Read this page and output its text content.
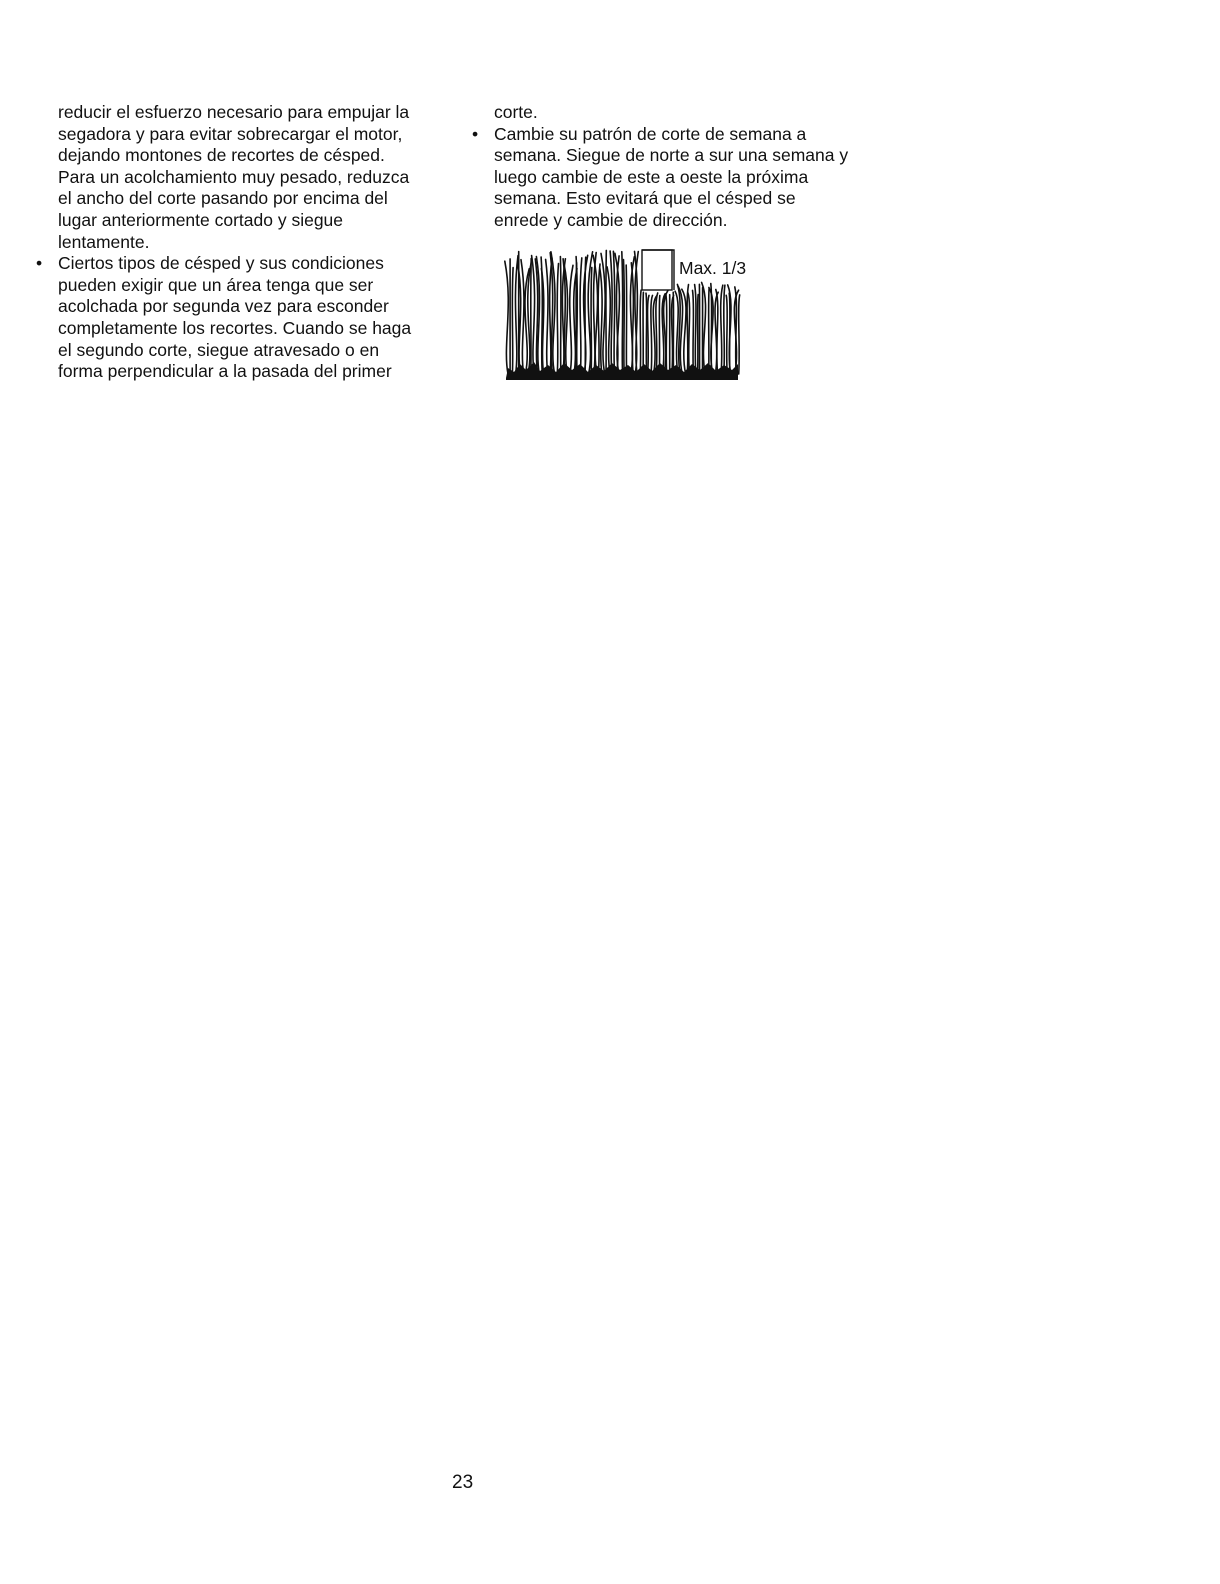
reducir el esfuerzo necesario para empujar la
segadora y para evitar sobrecargar el motor,
dejando montones de recortes de césped.
Para un acolchamiento muy pesado, reduzca
el ancho del corte pasando por encima del
lugar anteriormente cortado y siegue
lentamente.
• Ciertos tipos de césped y sus condiciones
pueden exigir que un área tenga que ser
acolchada por segunda vez para esconder
completamente los recortes. Cuando se haga
el segundo corte, siegue atravesado o en
forma perpendicular a la pasada del primer
corte.
• Cambie su patrón de corte de semana a
semana. Siegue de norte a sur una semana y
luego cambie de este a oeste la próxima
semana. Esto evitará que el césped se
enrede y cambie de dirección.
Max. 1/3
23
